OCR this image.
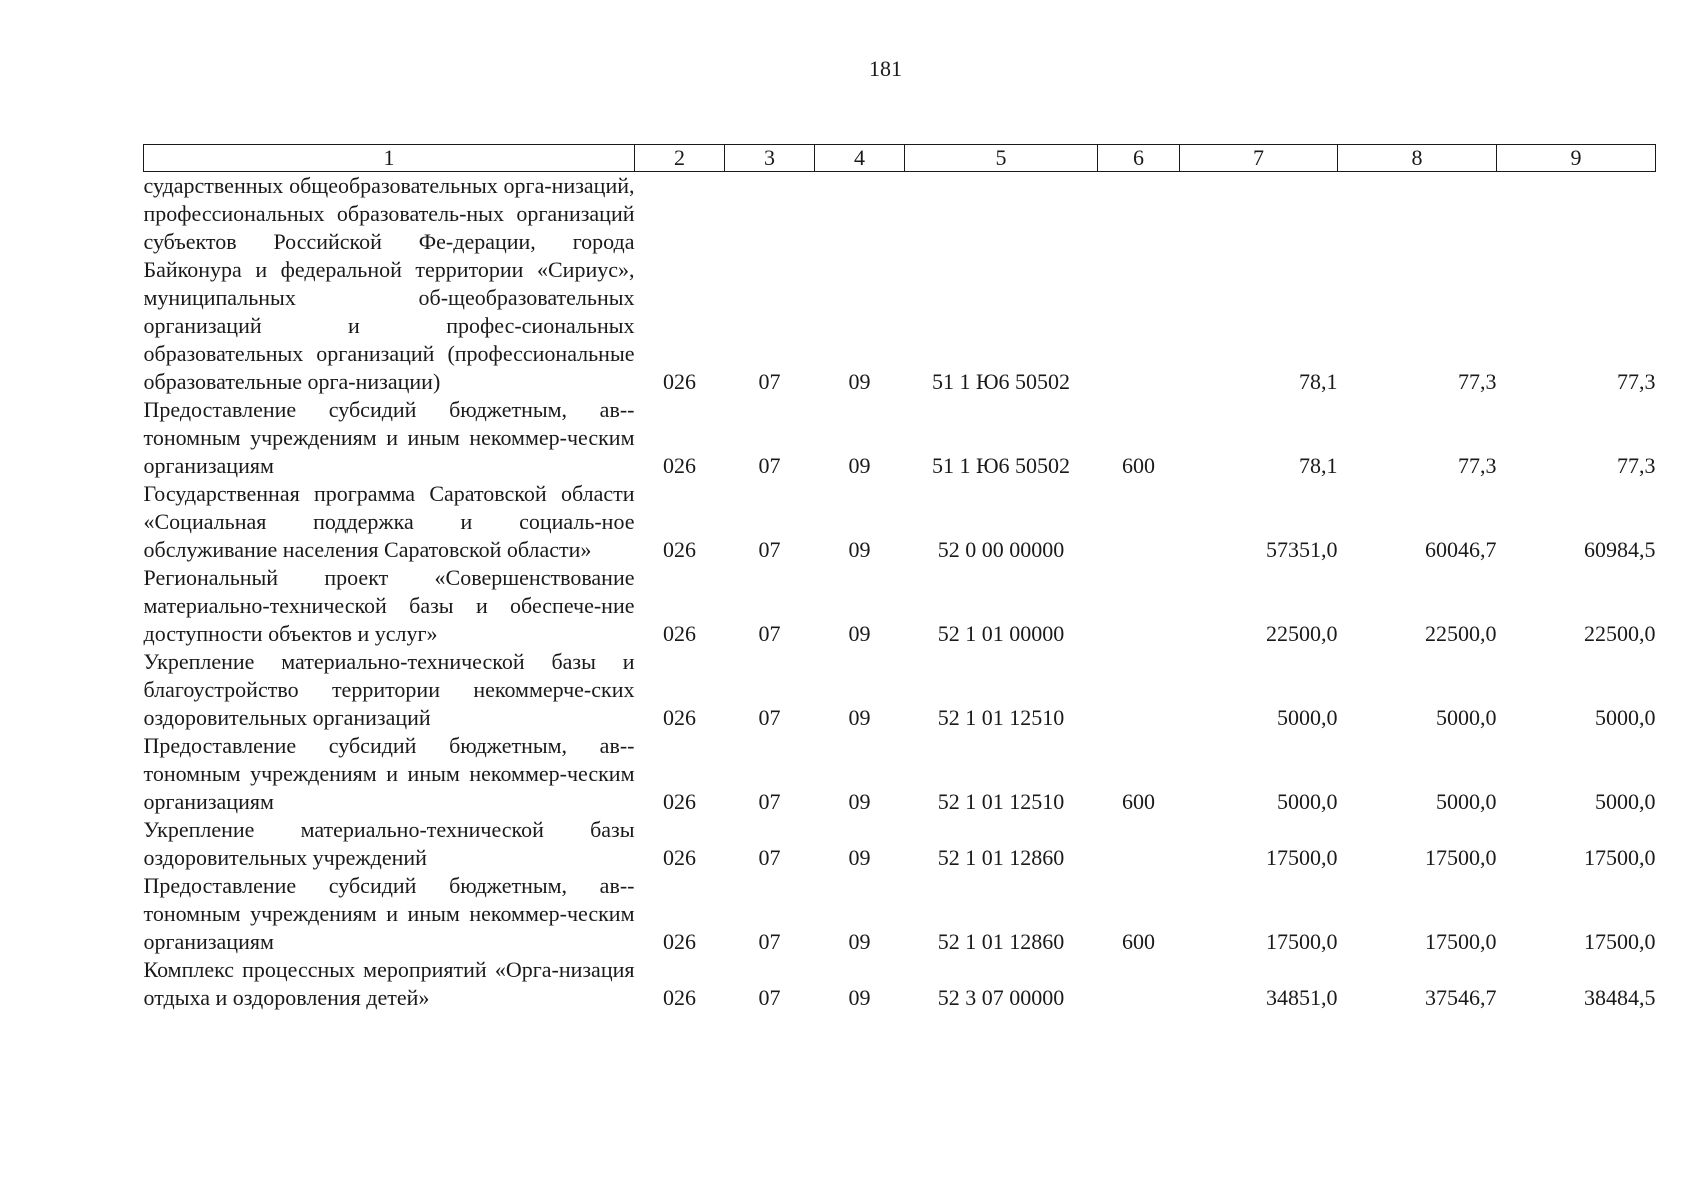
181
1	2	3	4	5	6	7	8	9
сударственных общеобразовательных орга-низаций, профессиональных образователь-ных организаций субъектов Российской Фе-дерации, города Байконура и федеральной территории «Сириус», муниципальных об-щеобразовательных организаций и профес-сиональных образовательных организаций (профессиональные образовательные орга-низации)	026	07	09	51 1 Ю6 50502		78,1	77,3	77,3
Предоставление субсидий бюджетным, ав-тономным учреждениям и иным некоммер-ческим организациям	026	07	09	51 1 Ю6 50502	600	78,1	77,3	77,3
Государственная программа Саратовской области «Социальная поддержка и социаль-ное обслуживание населения Саратовской области»	026	07	09	52 0 00 00000		57351,0	60046,7	60984,5
Региональный проект «Совершенствование материально-технической базы и обеспече-ние доступности объектов и услуг»	026	07	09	52 1 01 00000		22500,0	22500,0	22500,0
Укрепление материально-технической базы и благоустройство территории некоммерче-ских оздоровительных организаций	026	07	09	52 1 01 12510		5000,0	5000,0	5000,0
Предоставление субсидий бюджетным, ав-тономным учреждениям и иным некоммер-ческим организациям	026	07	09	52 1 01 12510	600	5000,0	5000,0	5000,0
Укрепление материально-технической базы оздоровительных учреждений	026	07	09	52 1 01 12860		17500,0	17500,0	17500,0
Предоставление субсидий бюджетным, ав-тономным учреждениям и иным некоммер-ческим организациям	026	07	09	52 1 01 12860	600	17500,0	17500,0	17500,0
Комплекс процессных мероприятий «Орга-низация отдыха и оздоровления детей»	026	07	09	52 3 07 00000		34851,0	37546,7	38484,5
